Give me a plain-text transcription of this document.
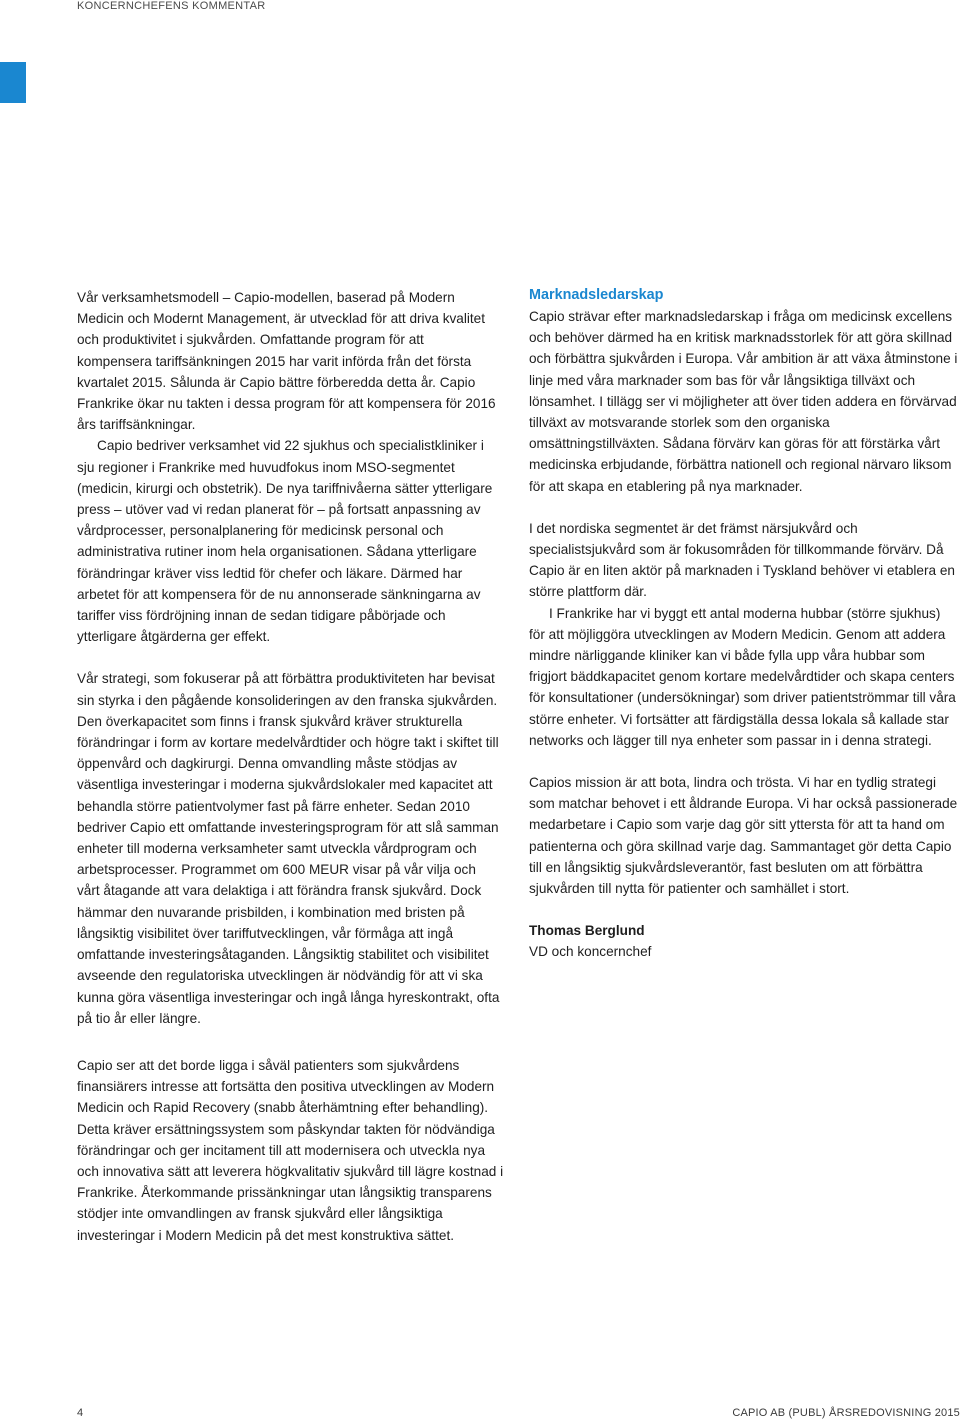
KONCERNCHEFENS KOMMENTAR

Vår verksamhetsmodell – Capio-modellen, baserad på Modern Medicin och Modernt Management, är utvecklad för att driva kvalitet och produktivitet i sjukvården. Omfattande program för att kompensera tariffsänkningen 2015 har varit införda från det första kvartalet 2015. Sålunda är Capio bättre förberedda detta år. Capio Frankrike ökar nu takten i dessa program för att kompensera för 2016 års tariffsänkningar.

Capio bedriver verksamhet vid 22 sjukhus och specialistkliniker i sju regioner i Frankrike med huvudfokus inom MSO-segmentet (medicin, kirurgi och obstetrik). De nya tariffnivåerna sätter ytterligare press – utöver vad vi redan planerat för – på fortsatt anpassning av vårdprocesser, personalplanering för medicinsk personal och administrativa rutiner inom hela organisationen. Sådana ytterligare förändringar kräver viss ledtid för chefer och läkare. Därmed har arbetet för att kompensera för de nu annonserade sänkningarna av tariffer viss fördröjning innan de sedan tidigare påbörjade och ytterligare åtgärderna ger effekt.

Vår strategi, som fokuserar på att förbättra produktiviteten har bevisat sin styrka i den pågående konsolideringen av den franska sjukvården. Den överkapacitet som finns i fransk sjukvård kräver strukturella förändringar i form av kortare medelvårdtider och högre takt i skiftet till öppenvård och dagkirurgi. Denna omvandling måste stödjas av väsentliga investeringar i moderna sjukvårdslokaler med kapacitet att behandla större patientvolymer fast på färre enheter. Sedan 2010 bedriver Capio ett omfattande investeringsprogram för att slå samman enheter till moderna verksamheter samt utveckla vårdprogram och arbetsprocesser. Programmet om 600 MEUR visar på vår vilja och vårt åtagande att vara delaktiga i att förändra fransk sjukvård. Dock hämmar den nuvarande prisbilden, i kombination med bristen på långsiktig visibilitet över tariffutvecklingen, vår förmåga att ingå omfattande investeringsåtaganden. Långsiktig stabilitet och visibilitet avseende den regulatoriska utvecklingen är nödvändig för att vi ska kunna göra väsentliga investeringar och ingå långa hyreskontrakt, ofta på tio år eller längre.

Capio ser att det borde ligga i såväl patienters som sjukvårdens finansiärers intresse att fortsätta den positiva utvecklingen av Modern Medicin och Rapid Recovery (snabb återhämtning efter behandling). Detta kräver ersättningssystem som påskyndar takten för nödvändiga förändringar och ger incitament till att modernisera och utveckla nya och innovativa sätt att leverera högkvalitativ sjukvård till lägre kostnad i Frankrike. Återkommande prissänkningar utan långsiktig transparens stödjer inte omvandlingen av fransk sjukvård eller långsiktiga investeringar i Modern Medicin på det mest konstruktiva sättet.

Marknadsledarskap

Capio strävar efter marknadsledarskap i fråga om medicinsk excellens och behöver därmed ha en kritisk marknadsstorlek för att göra skillnad och förbättra sjukvården i Europa. Vår ambition är att växa åtminstone i linje med våra marknader som bas för vår långsiktiga tillväxt och lönsamhet. I tillägg ser vi möjligheter att över tiden addera en förvärvad tillväxt av motsvarande storlek som den organiska omsättningstillväxten. Sådana förvärv kan göras för att förstärka vårt medicinska erbjudande, förbättra nationell och regional närvaro liksom för att skapa en etablering på nya marknader.

I det nordiska segmentet är det främst närsjukvård och specialistsjukvård som är fokusområden för tillkommande förvärv. Då Capio är en liten aktör på marknaden i Tyskland behöver vi etablera en större plattform där.

I Frankrike har vi byggt ett antal moderna hubbar (större sjukhus) för att möjliggöra utvecklingen av Modern Medicin. Genom att addera mindre närliggande kliniker kan vi både fylla upp våra hubbar som frigjort bäddkapacitet genom kortare medelvårdtider och skapa centers för konsultationer (undersökningar) som driver patientströmmar till våra större enheter. Vi fortsätter att färdigställa dessa lokala så kallade star networks och lägger till nya enheter som passar in i denna strategi.

Capios mission är att bota, lindra och trösta. Vi har en tydlig strategi som matchar behovet i ett åldrande Europa. Vi har också passionerade medarbetare i Capio som varje dag gör sitt yttersta för att ta hand om patienterna och göra skillnad varje dag. Sammantaget gör detta Capio till en långsiktig sjukvårdsleverantör, fast besluten om att förbättra sjukvården till nytta för patienter och samhället i stort.

Thomas Berglund

VD och koncernchef

4	CAPIO AB (PUBL) ÅRSREDOVISNING 2015
